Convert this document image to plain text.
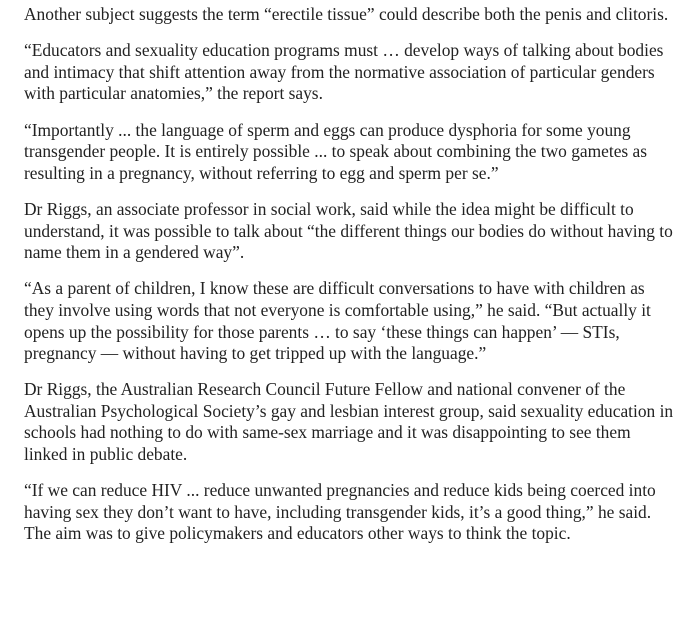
Another subject suggests the term “erectile tissue” could describe both the penis and clitoris.

“Educators and sexuality education programs must … develop ways of talking about bodies and intimacy that shift attention away from the normative association of particular genders with particular anatomies,” the report says.

“Importantly ... the language of sperm and eggs can produce dysphoria for some young transgender people. It is entirely possible ... to speak about combining the two gametes as resulting in a pregnancy, without referring to egg and sperm per se.”

Dr Riggs, an associate professor in social work, said while the idea might be difficult to understand, it was possible to talk about “the different things our bodies do without having to name them in a gendered way”.

“As a parent of children, I know these are difficult conversations to have with children as they involve using words that not everyone is comfortable using,” he said. “But actually it opens up the possibility for those parents … to say ‘these things can happen’ — STIs, pregnancy — without having to get tripped up with the language.”

Dr Riggs, the Australian Research Council Future Fellow and national convener of the Australian Psychological Society’s gay and lesbian interest group, said sexuality education in schools had nothing to do with same-sex marriage and it was disappointing to see them linked in public debate.

“If we can reduce HIV ... reduce unwanted pregnancies and reduce kids being coerced into having sex they don’t want to have, including transgender kids, it’s a good thing,” he said. The aim was to give policymakers and educators other ways to think the topic.
